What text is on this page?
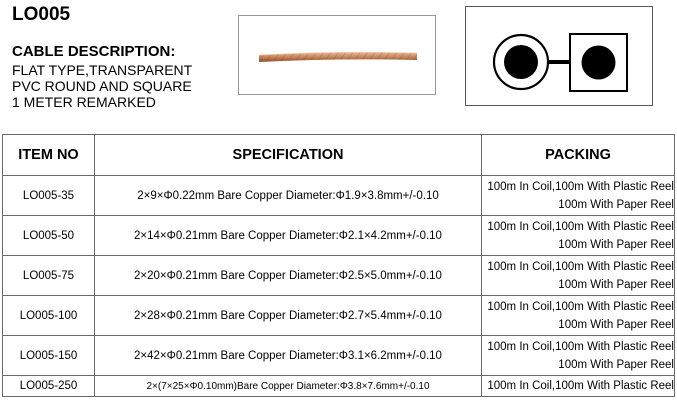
LO005
CABLE DESCRIPTION:
FLAT TYPE,TRANSPARENT
PVC ROUND AND SQUARE
1 METER REMARKED
ITEM NO	SPECIFICATION	PACKING
LO005-35	2×9×Φ0.22mm Bare Copper Diameter:Φ1.9×3.8mm+/-0.10	100m In Coil,100m With Plastic Reel
100m With Paper Reel

LO005-50	2×14×Φ0.21mm Bare Copper Diameter:Φ2.1×4.2mm+/-0.10	100m In Coil,100m With Plastic Reel
100m With Paper Reel

LO005-75	2×20×Φ0.21mm Bare Copper Diameter:Φ2.5×5.0mm+/-0.10	100m In Coil,100m With Plastic Reel
100m With Paper Reel

LO005-100	2×28×Φ0.21mm Bare Copper Diameter:Φ2.7×5.4mm+/-0.10	100m In Coil,100m With Plastic Reel
100m With Paper Reel

LO005-150	2×42×Φ0.21mm Bare Copper Diameter:Φ3.1×6.2mm+/-0.10	100m In Coil,100m With Plastic Reel
100m With Paper Reel

LO005-250	2×(7×25×Φ0.10mm)Bare Copper Diameter:Φ3.8×7.6mm+/-0.10	100m In Coil,100m With Plastic Reel
